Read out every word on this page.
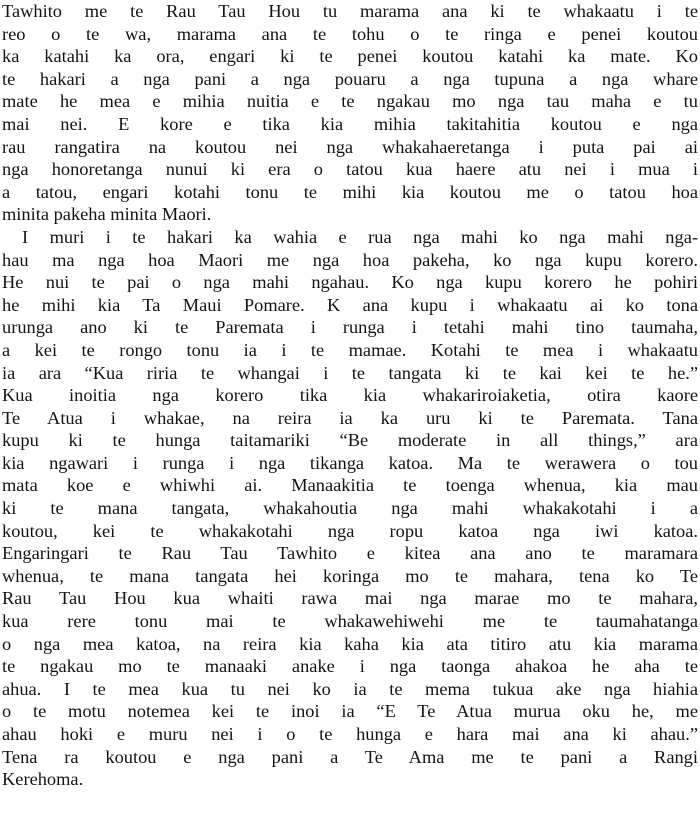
Tawhito me te Rau Tau Hou tu marama ana ki te whakaatu i te
reo o te wa, marama ana te tohu o te ringa e penei koutou
ka katahi ka ora, engari ki te penei koutou katahi ka mate. Ko
te hakari a nga pani a nga pouaru a nga tupuna a nga whare
mate he mea e mihia nuitia e te ngakau mo nga tau maha e tu
mai nei. E kore e tika kia mihia takitahitia koutou e nga
rau rangatira na koutou nei nga whakahaeretanga i puta pai ai
nga honoretanga nunui ki era o tatou kua haere atu nei i mua i
a tatou, engari kotahi tonu te mihi kia koutou me o tatou hoa
minita pakeha minita Maori.
I muri i te hakari ka wahia e rua nga mahi ko nga mahi nga-
hau ma nga hoa Maori me nga hoa pakeha, ko nga kupu korero.
He nui te pai o nga mahi ngahau. Ko nga kupu korero he pohiri
he mihi kia Ta Maui Pomare. K ana kupu i whakaatu ai ko tona
urunga ano ki te Paremata i runga i tetahi mahi tino taumaha,
a kei te rongo tonu ia i te mamae. Kotahi te mea i whakaatu
ia ara “Kua riria te whangai i te tangata ki te kai kei te he.”
Kua inoitia nga korero tika kia whakariroiaketia, otira kaore
Te Atua i whakae, na reira ia ka uru ki te Paremata. Tana
kupu ki te hunga taitamariki “Be moderate in all things,” ara
kia ngawari i runga i nga tikanga katoa. Ma te werawera o tou
mata koe e whiwhi ai. Manaakitia te toenga whenua, kia mau
ki te mana tangata, whakahoutia nga mahi whakakotahi i a
koutou, kei te whakakotahi nga ropu katoa nga iwi katoa.
Engaringari te Rau Tau Tawhito e kitea ana ano te maramara
whenua, te mana tangata hei koringa mo te mahara, tena ko Te
Rau Tau Hou kua whaiti rawa mai nga marae mo te mahara,
kua rere tonu mai te whakawehiwehi me te taumahatanga
o nga mea katoa, na reira kia kaha kia ata titiro atu kia marama
te ngakau mo te manaaki anake i nga taonga ahakoa he aha te
ahua. I te mea kua tu nei ko ia te mema tukua ake nga hiahia
o te motu notemea kei te inoi ia “E Te Atua murua oku he, me
ahau hoki e muru nei i o te hunga e hara mai ana ki ahau.”
Tena ra koutou e nga pani a Te Ama me te pani a Rangi
Kerehoma.
